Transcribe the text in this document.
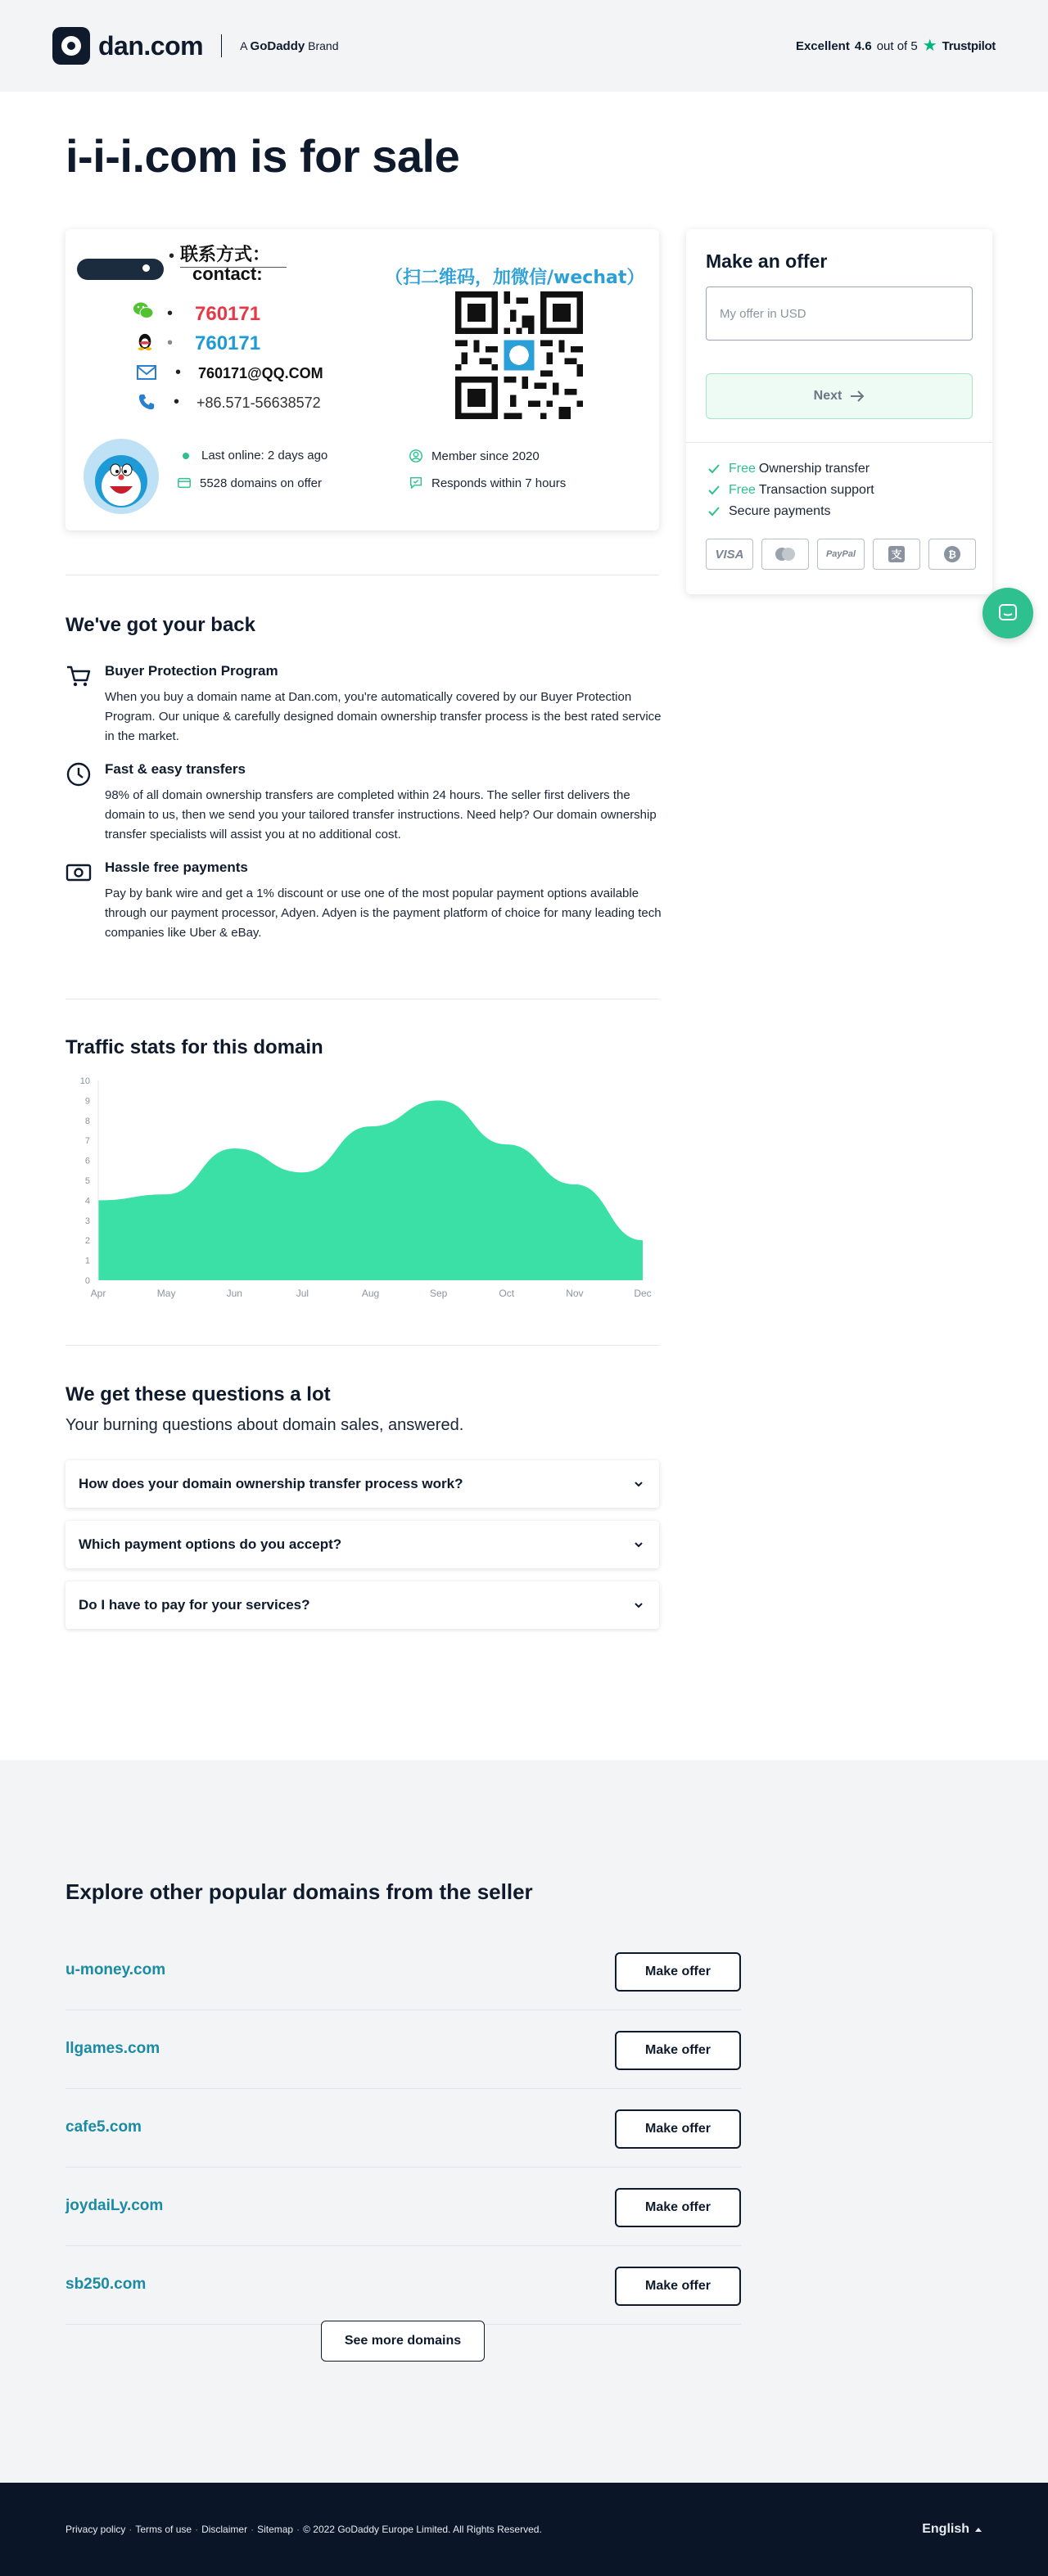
dan.com	A GoDaddy Brand	Excellent 4.6 out of 5 ★ Trustpilot
i-i-i.com is for sale
• 联系方式：
contact:
• 760171
• 760171
• 760171@QQ.COM
• +86.571-56638572
（扫二维码，加微信/wechat）
Last online: 2 days ago
5528 domains on offer
Member since 2020
Responds within 7 hours
Make an offer
My offer in USD
Next
Free Ownership transfer
Free Transaction support
Secure payments
VISA	PayPal	支	₿
We've got your back
Buyer Protection Program

When you buy a domain name at Dan.com, you're automatically covered by our Buyer Protection Program. Our unique & carefully designed domain ownership transfer process is the best rated service in the market.

Fast & easy transfers

98% of all domain ownership transfers are completed within 24 hours. The seller first delivers the domain to us, then we send you your tailored transfer instructions. Need help? Our domain ownership transfer specialists will assist you at no additional cost.

Hassle free payments

Pay by bank wire and get a 1% discount or use one of the most popular payment options available through our payment processor, Adyen. Adyen is the payment platform of choice for many leading tech companies like Uber & eBay.

Traffic stats for this domain
0
1
2
3
4
5
6
7
8
9
10
Apr	May	Jun	Jul	Aug	Sep	Oct	Nov	Dec
We get these questions a lot

Your burning questions about domain sales, answered.

How does your domain ownership transfer process work?
Which payment options do you accept?
Do I have to pay for your services?
Explore other popular domains from the seller
u-money.com	Make offer
llgames.com	Make offer
cafe5.com	Make offer
joydaiLy.com	Make offer
sb250.com	Make offer
See more domains
Privacy policy · Terms of use · Disclaimer · Sitemap · © 2022 GoDaddy Europe Limited. All Rights Reserved.	English
